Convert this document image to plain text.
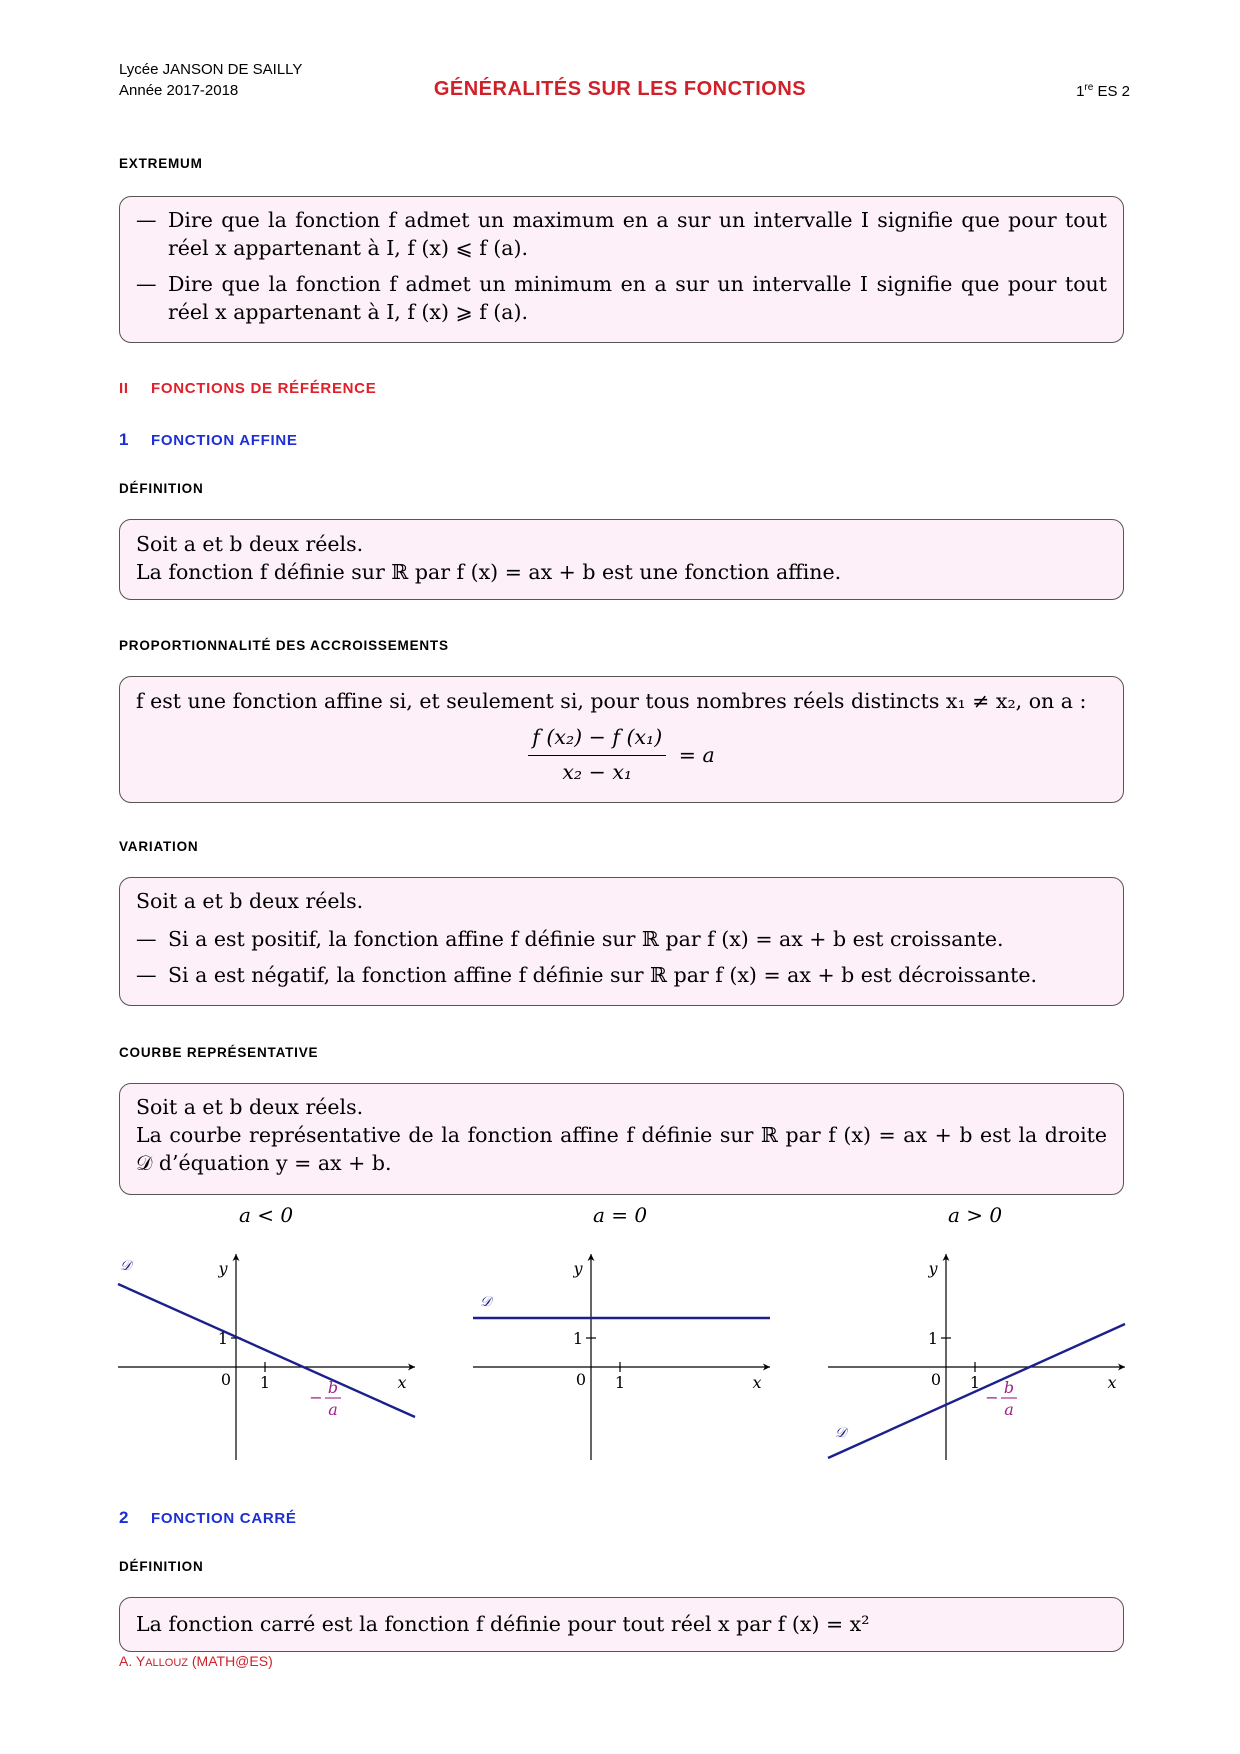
Lycée JANSON DE SAILLY
Année 2017-2018	GÉNÉRALITÉS SUR LES FONCTIONS	1re ES 2
EXTREMUM

— Dire que la fonction f admet un maximum en a sur un intervalle I signifie que pour tout réel x appartenant à I, f (x) ⩽ f (a).

— Dire que la fonction f admet un minimum en a sur un intervalle I signifie que pour tout réel x appartenant à I, f (x) ⩾ f (a).

II FONCTIONS DE RÉFÉRENCE
1 FONCTION AFFINE
DÉFINITION

Soit a et b deux réels.

La fonction f définie sur ℝ par f (x) = ax + b est une fonction affine.

PROPORTIONNALITÉ DES ACCROISSEMENTS

f est une fonction affine si, et seulement si, pour tous nombres réels distincts x₁ ≠ x₂, on a :

$\frac{\text{f (x₂) − f (x₁)}}{\text{x₂ − x₁}} = a$
VARIATION

Soit a et b deux réels.

— Si a est positif, la fonction affine f définie sur ℝ par f (x) = ax + b est croissante.

— Si a est négatif, la fonction affine f définie sur ℝ par f (x) = ax + b est décroissante.

COURBE REPRÉSENTATIVE

Soit a et b deux réels.

La courbe représentative de la fonction affine f définie sur ℝ par f (x) = ax + b est la droite 𝒟 d’équation y = ax + b.

a < 0	a = 0	a > 0
0 1
1
y
x
𝒟
−
b
a
0 1
1
y
x
𝒟
0 1
1
y
x
𝒟
−
b
a
2 FONCTION CARRÉ
DÉFINITION

La fonction carré est la fonction f définie pour tout réel x par f (x) = x²

A. YALLOUZ (MATH@ES)
